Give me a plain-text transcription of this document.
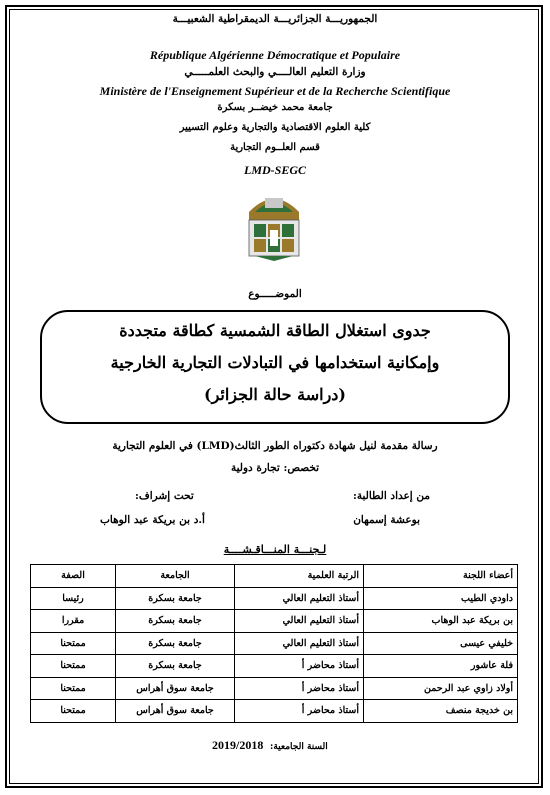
الجمهوريـــة الجزائريـــة الديمقراطية الشعبيـــة
République Algérienne Démocratique et Populaire
وزارة التعليم العالــــي والبحث العلمـــــي
Ministère de l'Enseignement Supérieur et de la Recherche Scientifique
جامعة محمد خيضــر بسكرة
كلية العلوم الاقتصادية والتجارية وعلوم التسيير
قسم العلــوم التجارية
LMD-SEGC
الموضـــــوع
جدوى استغلال الطاقة الشمسية كطاقة متجددة
وإمكانية استخدامها في التبادلات التجارية الخارجية
(دراسة حالة الجزائر)
رسالة مقدمة لنيل شهادة دكتوراه الطور الثالث(LMD) في العلوم التجارية
تخصص: تجارة دولية
من إعداد الطالبة:
تحت إشراف:
بوعشة إسمهان
أ.د بن بريكة عبد الوهاب
لـجنـــة المنـــاقـشــــة
أعضاء اللجنة	الرتبة العلمية	الجامعة	الصفة
داودي الطيب	أستاذ التعليم العالي	جامعة بسكرة	رئيسا
بن بريكة عبد الوهاب	أستاذ التعليم العالي	جامعة بسكرة	مقررا
خليفي عيسى	أستاذ التعليم العالي	جامعة بسكرة	ممتحنا
فلة عاشور	أستاذ محاضر أ	جامعة بسكرة	ممتحنا
أولاد زاوي عبد الرحمن	أستاذ محاضر أ	جامعة سوق أهراس	ممتحنا
بن خديجة منصف	أستاذ محاضر أ	جامعة سوق أهراس	ممتحنا
السنة الجامعية:
2019/2018
